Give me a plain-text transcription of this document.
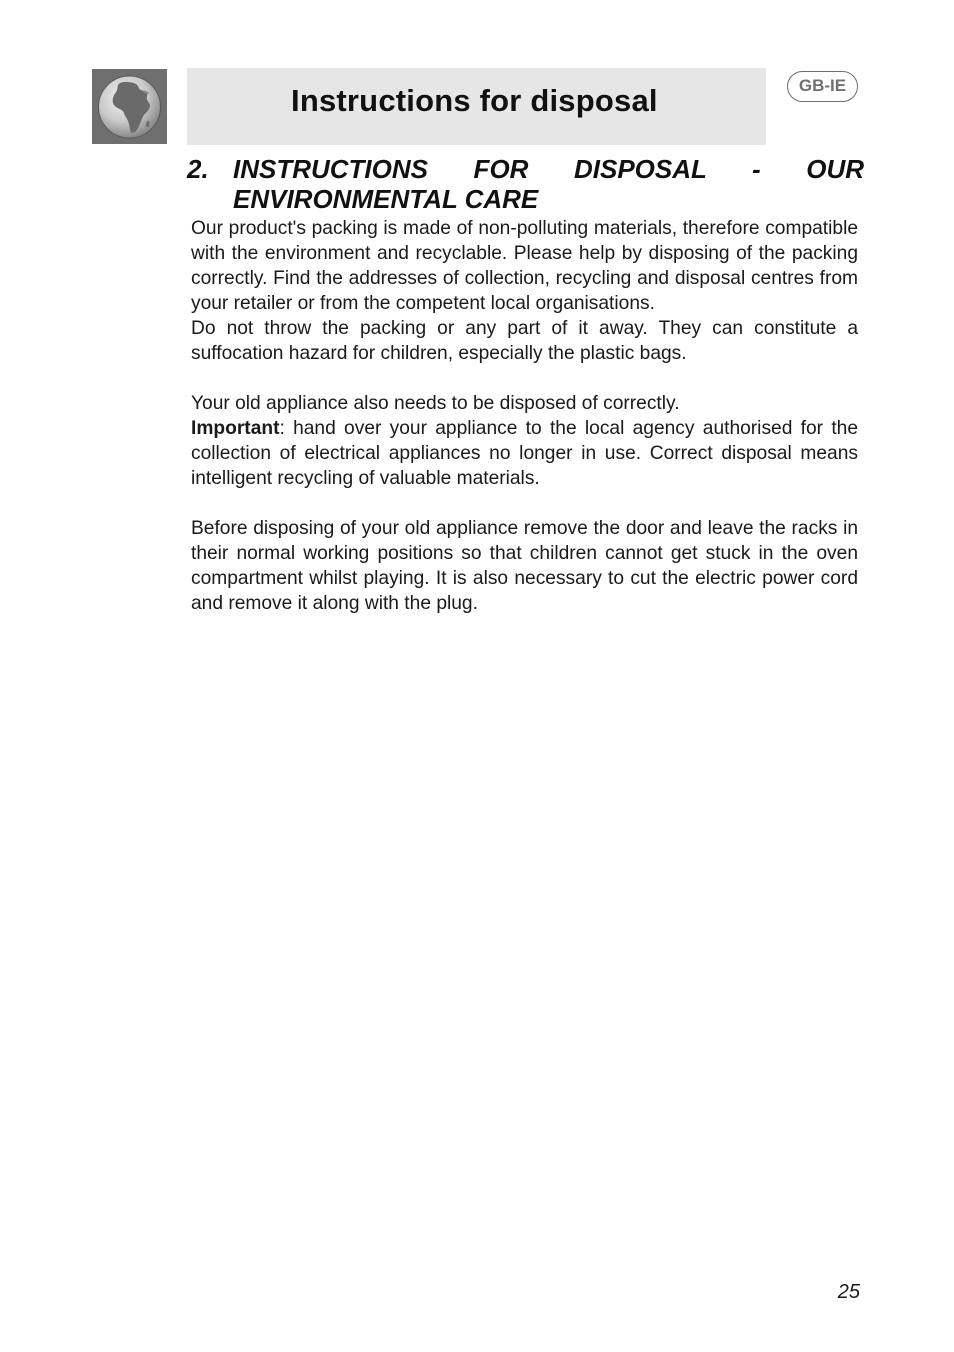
Instructions for disposal	GB-IE
2. INSTRUCTIONS FOR DISPOSAL - OUR
ENVIRONMENTAL CARE

Our product's packing is made of non-polluting materials, therefore compatible with the environment and recyclable. Please help by disposing of the packing correctly. Find the addresses of collection, recycling and disposal centres from your retailer or from the competent local organisations.

Do not throw the packing or any part of it away. They can constitute a suffocation hazard for children, especially the plastic bags.

Your old appliance also needs to be disposed of correctly.

Important: hand over your appliance to the local agency authorised for the collection of electrical appliances no longer in use. Correct disposal means intelligent recycling of valuable materials.

Before disposing of your old appliance remove the door and leave the racks in their normal working positions so that children cannot get stuck in the oven compartment whilst playing. It is also necessary to cut the electric power cord and remove it along with the plug.

25
